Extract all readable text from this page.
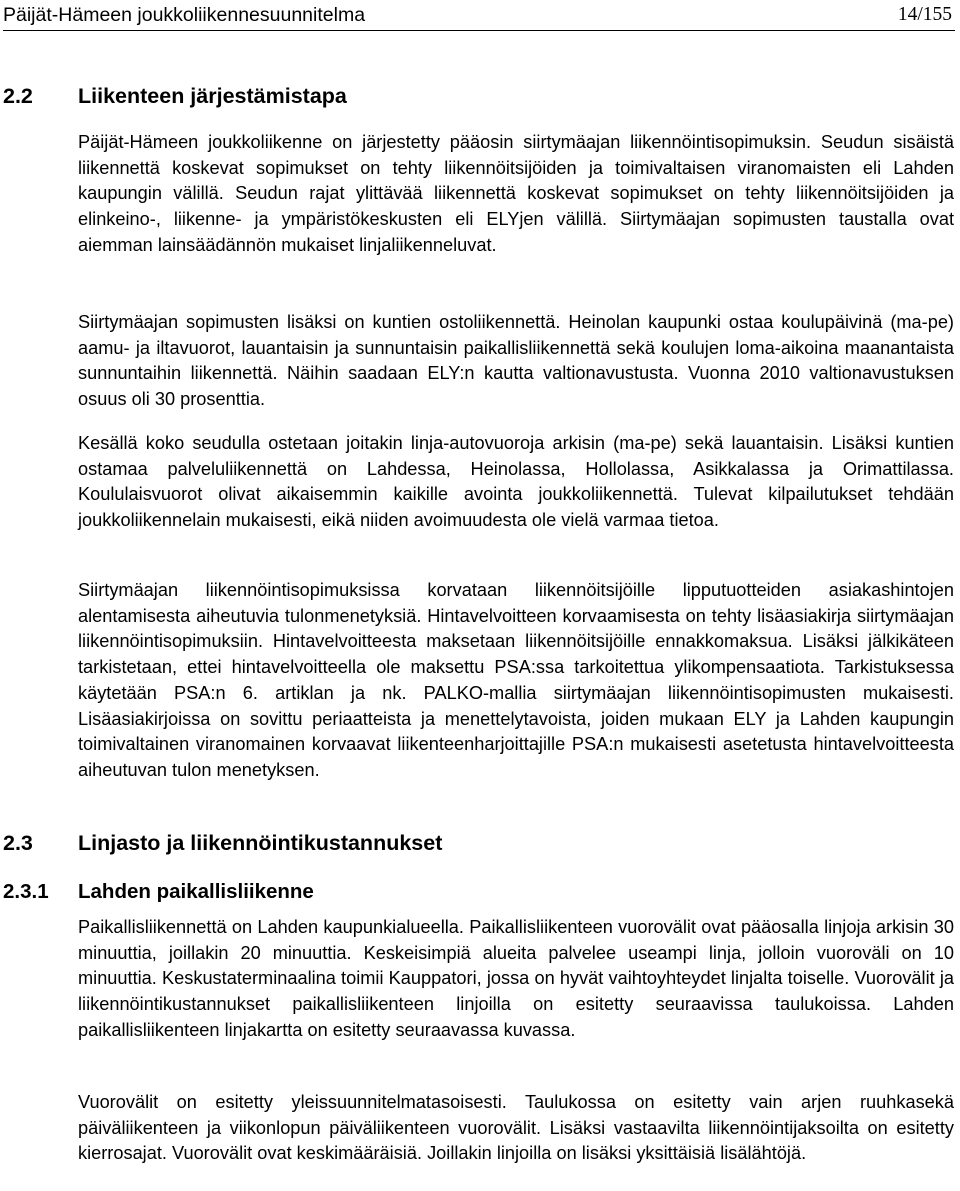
Päijät-Hämeen joukkoliikennesuunnitelma	14/155
2.2 Liikenteen järjestämistapa
Päijät-Hämeen joukkoliikenne on järjestetty pääosin siirtymäajan liikennöintisopimuksin. Seudun sisäistä liikennettä koskevat sopimukset on tehty liikennöitsijöiden ja toimivaltaisen viranomaisten eli Lahden kaupungin välillä. Seudun rajat ylittävää liikennettä koskevat sopimukset on tehty liikennöitsijöiden ja elinkeino-, liikenne- ja ympäristökeskusten eli ELYjen välillä. Siirtymäajan sopimusten taustalla ovat aiemman lainsäädännön mukaiset linjaliikenneluvat.
Siirtymäajan sopimusten lisäksi on kuntien ostoliikennettä. Heinolan kaupunki ostaa koulupäivinä (ma-pe) aamu- ja iltavuorot, lauantaisin ja sunnuntaisin paikallisliikennettä sekä koulujen loma-aikoina maanantaista sunnuntaihin liikennettä. Näihin saadaan ELY:n kautta valtionavustusta. Vuonna 2010 valtionavustuksen osuus oli 30 prosenttia.
Kesällä koko seudulla ostetaan joitakin linja-autovuoroja arkisin (ma-pe) sekä lauantaisin. Lisäksi kuntien ostamaa palveluliikennettä on Lahdessa, Heinolassa, Hollolassa, Asikkalassa ja Orimattilassa. Koululaisvuorot olivat aikaisemmin kaikille avointa joukkoliikennettä. Tulevat kilpailutukset tehdään joukkoliikennelain mukaisesti, eikä niiden avoimuudesta ole vielä varmaa tietoa.
Siirtymäajan liikennöintisopimuksissa korvataan liikennöitsijöille lipputuotteiden asiakashintojen alentamisesta aiheutuvia tulonmenetyksiä. Hintavelvoitteen korvaamisesta on tehty lisäasiakirja siirtymäajan liikennöintisopimuksiin. Hintavelvoitteesta maksetaan liikennöitsijöille ennakkomaksua. Lisäksi jälkikäteen tarkistetaan, ettei hintavelvoitteella ole maksettu PSA:ssa tarkoitettua ylikompensaatiota. Tarkistuksessa käytetään PSA:n 6. artiklan ja nk. PALKO-mallia siirtymäajan liikennöintisopimusten mukaisesti. Lisäasiakirjoissa on sovittu periaatteista ja menettelytavoista, joiden mukaan ELY ja Lahden kaupungin toimivaltainen viranomainen korvaavat liikenteenharjoittajille PSA:n mukaisesti asetetusta hintavelvoitteesta aiheutuvan tulon menetyksen.
2.3 Linjasto ja liikennöintikustannukset
2.3.1 Lahden paikallisliikenne
Paikallisliikennettä on Lahden kaupunkialueella. Paikallisliikenteen vuorovälit ovat pääosalla linjoja arkisin 30 minuuttia, joillakin 20 minuuttia. Keskeisimpiä alueita palvelee useampi linja, jolloin vuoroväli on 10 minuuttia. Keskustaterminaalina toimii Kauppatori, jossa on hyvät vaihtoyhteydet linjalta toiselle. Vuorovälit ja liikennöintikustannukset paikallisliikenteen linjoilla on esitetty seuraavissa taulukoissa. Lahden paikallisliikenteen linjakartta on esitetty seuraavassa kuvassa.
Vuorovälit on esitetty yleissuunnitelmatasoisesti. Taulukossa on esitetty vain arjen ruuhkasekä päiväliikenteen ja viikonlopun päiväliikenteen vuorovälit. Lisäksi vastaavilta liikennöintijaksoilta on esitetty kierrosajat. Vuorovälit ovat keskimääräisiä. Joillakin linjoilla on lisäksi yksittäisiä lisälähtöjä.
